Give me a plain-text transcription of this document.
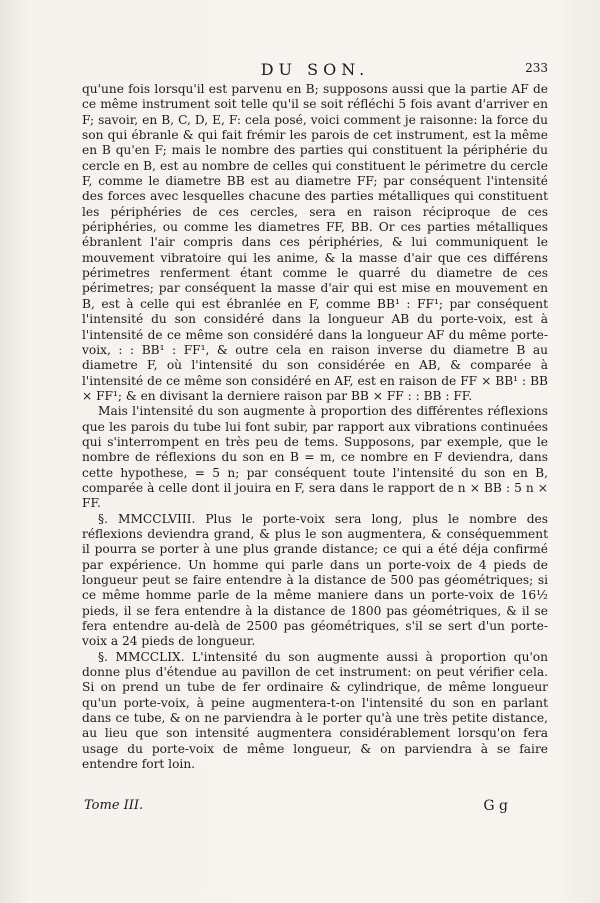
DU SON.	233

qu'une fois lorsqu'il est parvenu en B; supposons aussi que la partie AF de ce même instrument soit telle qu'il se soit réfléchi 5 fois avant d'arriver en F; savoir, en B, C, D, E, F: cela posé, voici comment je raisonne: la force du son qui ébranle & qui fait frémir les parois de cet instrument, est la même en B qu'en F; mais le nombre des parties qui constituent la périphérie du cercle en B, est au nombre de celles qui constituent le périmetre du cercle F, comme le diametre BB est au diametre FF; par conséquent l'intensité des forces avec lesquelles chacune des parties métalliques qui constituent les périphéries de ces cercles, sera en raison réciproque de ces périphéries, ou comme les diametres FF, BB. Or ces parties métalliques ébranlent l'air compris dans ces périphéries, & lui communiquent le mouvement vibratoire qui les anime, & la masse d'air que ces différens périmetres renferment étant comme le quarré du diametre de ces périmetres; par conséquent la masse d'air qui est mise en mouvement en B, est à celle qui est ébranlée en F, comme BB¹ : FF¹; par conséquent l'intensité du son considéré dans la longueur AB du porte-voix, est à l'intensité de ce même son considéré dans la longueur AF du même porte-voix, : : BB¹ : FF¹, & outre cela en raison inverse du diametre B au diametre F, où l'intensité du son considérée en AB, & comparée à l'intensité de ce même son considéré en AF, est en raison de FF × BB¹ : BB × FF¹; & en divisant la derniere raison par BB × FF : : BB : FF.

Mais l'intensité du son augmente à proportion des différentes réflexions que les parois du tube lui font subir, par rapport aux vibrations continuées qui s'interrompent en très peu de tems. Supposons, par exemple, que le nombre de réflexions du son en B = m, ce nombre en F deviendra, dans cette hypothese, = 5 n; par conséquent toute l'intensité du son en B, comparée à celle dont il jouira en F, sera dans le rapport de n × BB : 5 n × FF.

§. MMCCLVIII. Plus le porte-voix sera long, plus le nombre des réflexions deviendra grand, & plus le son augmentera, & conséquemment il pourra se porter à une plus grande distance; ce qui a été déja confirmé par expérience. Un homme qui parle dans un porte-voix de 4 pieds de longueur peut se faire entendre à la distance de 500 pas géométriques; si ce même homme parle de la même maniere dans un porte-voix de 16½ pieds, il se fera entendre à la distance de 1800 pas géométriques, & il se fera entendre au-delà de 2500 pas géométriques, s'il se sert d'un porte-voix a 24 pieds de longueur.

§. MMCCLIX. L'intensité du son augmente aussi à proportion qu'on donne plus d'étendue au pavillon de cet instrument: on peut vérifier cela. Si on prend un tube de fer ordinaire & cylindrique, de même longueur qu'un porte-voix, à peine augmentera-t-on l'intensité du son en parlant dans ce tube, & on ne parviendra à le porter qu'à une très petite distance, au lieu que son intensité augmentera considérablement lorsqu'on fera usage du porte-voix de même longueur, & on parviendra à se faire entendre fort loin.

Tome III.	G g
